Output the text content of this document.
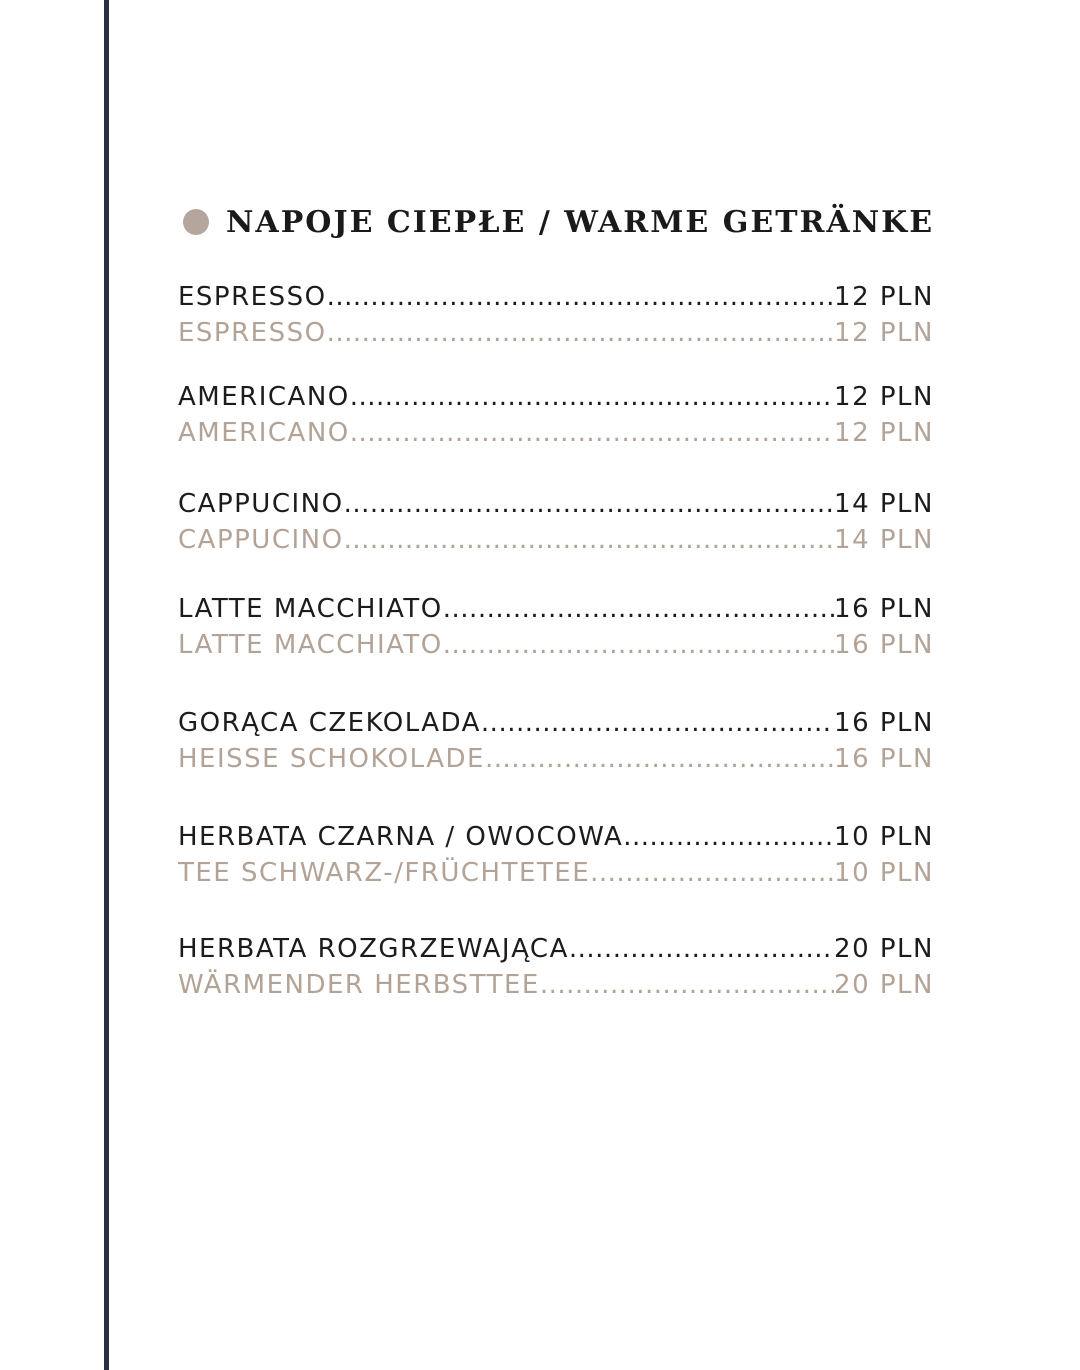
NAPOJE CIEPŁE / WARME GETRÄNKE
ESPRESSO .....	12 PLN
ESPRESSO .....	12 PLN
AMERICANO .....	12 PLN
AMERICANO .....	12 PLN
CAPPUCINO .....	14 PLN
CAPPUCINO .....	14 PLN
LATTE MACCHIATO .....	16 PLN
LATTE MACCHIATO .....	16 PLN
GORĄCA CZEKOLADA .....	16 PLN
HEISSE SCHOKOLADE .....	16 PLN
HERBATA CZARNA / OWOCOWA .....	10 PLN
TEE SCHWARZ-/FRÜCHTETEE .....	10 PLN
HERBATA ROZGRZEWAJĄCA .....	20 PLN
WÄRMENDER HERBSTTEE .....	20 PLN
